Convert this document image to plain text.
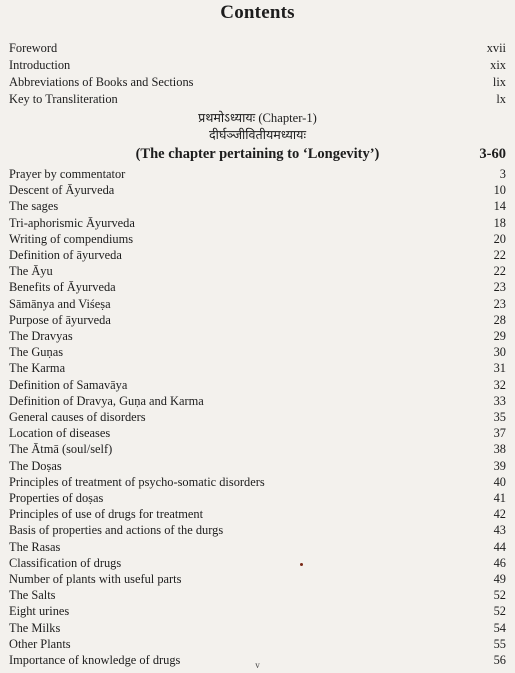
Contents
Foreword	xvii
Introduction	xix
Abbreviations of Books and Sections	lix
Key to Transliteration	lx
प्रथमोऽध्यायः (Chapter-1)
दीर्घञ्जीवितीयमध्यायः
(The chapter pertaining to ‘Longevity’)	3-60
Prayer by commentator	3
Descent of Āyurveda	10
The sages	14
Tri-aphorismic Āyurveda	18
Writing of compendiums	20
Definition of āyurveda	22
The Āyu	22
Benefits of Āyurveda	23
Sāmānya and Viśeṣa	23
Purpose of āyurveda	28
The Dravyas	29
The Guṇas	30
The Karma	31
Definition of Samavāya	32
Definition of Dravya, Guṇa and Karma	33
General causes of disorders	35
Location of diseases	37
The Ātmā (soul/self)	38
The Doṣas	39
Principles of treatment of psycho-somatic disorders	40
Properties of doṣas	41
Principles of use of drugs for treatment	42
Basis of properties and actions of the durgs	43
The Rasas	44
Classification of drugs	46
Number of plants with useful parts	49
The Salts	52
Eight urines	52
The Milks	54
Other Plants	55
Importance of knowledge of drugs	56
v
